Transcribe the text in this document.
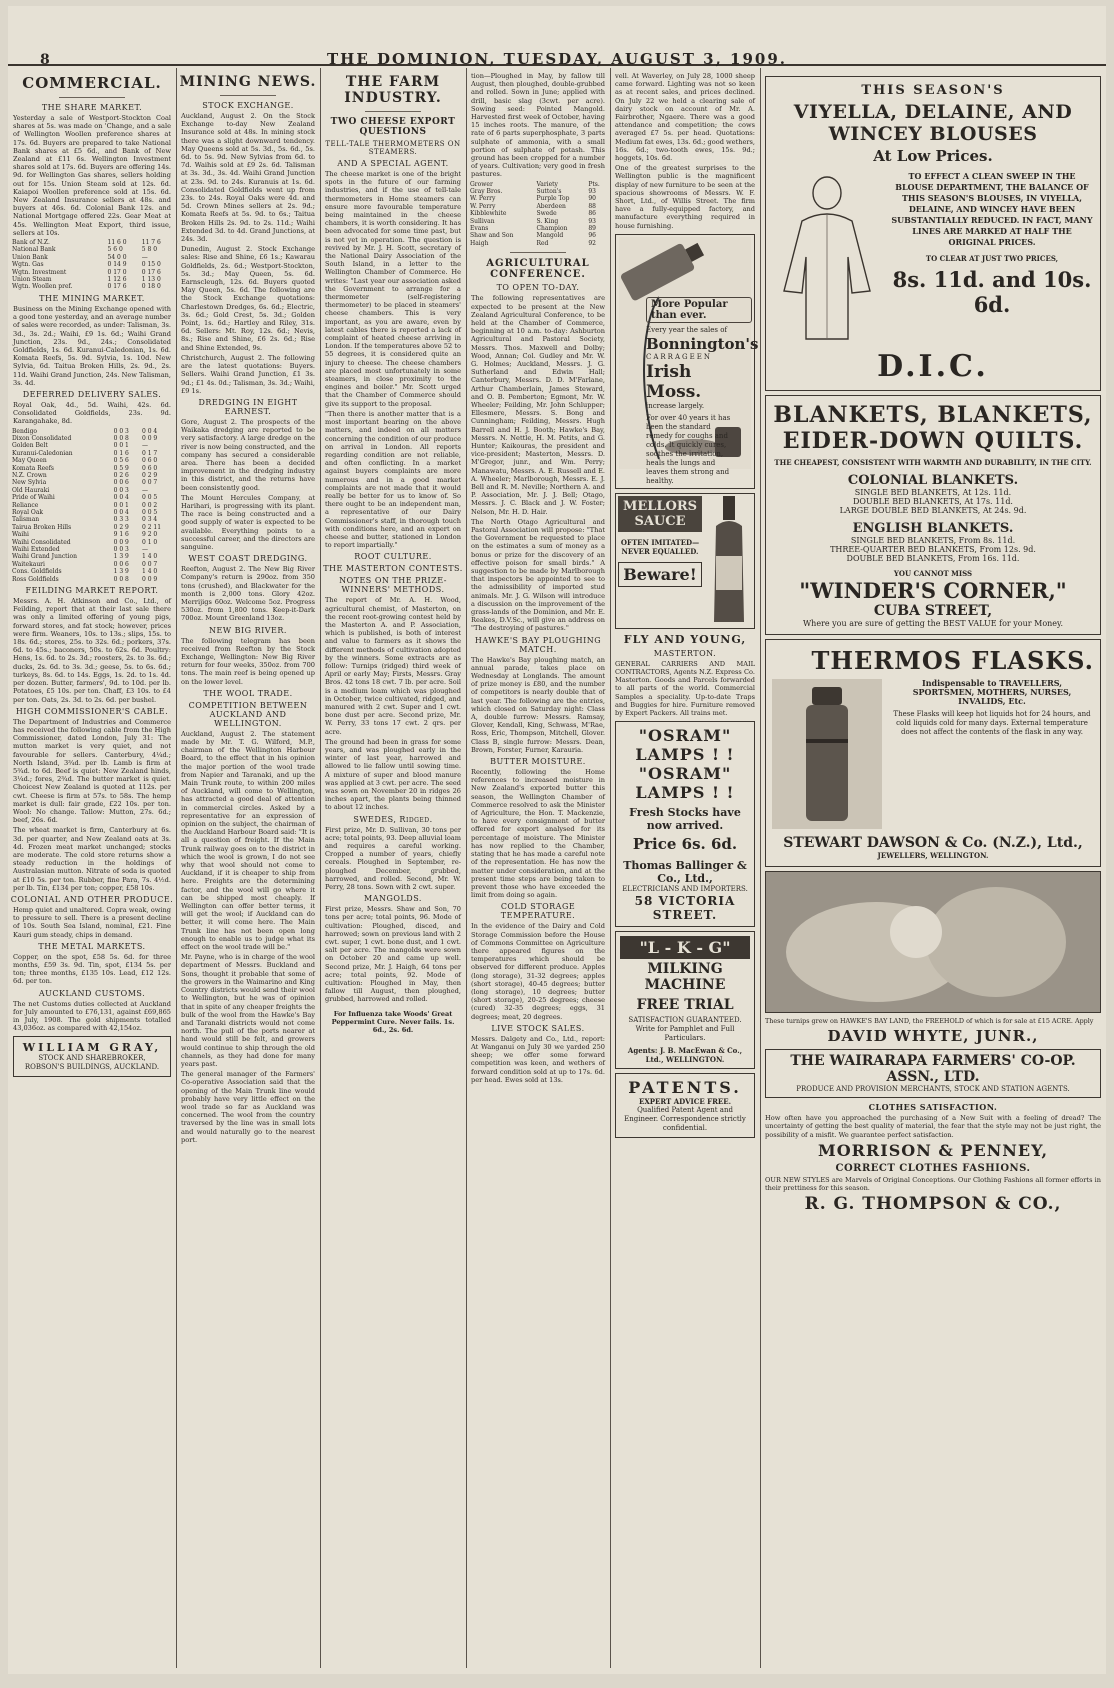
8	THE DOMINION, TUESDAY, AUGUST 3, 1909.
COMMERCIAL.
THE SHARE MARKET.
Yesterday a sale of Westport-Stockton Coal shares at 5s. was made on 'Change, and a sale of Wellington Woollen preference shares at 17s. 6d. Buyers are prepared to take National Bank shares at £5 6d., and Bank of New Zealand at £11 6s. Wellington Investment shares sold at 17s. 6d. Buyers are offering 14s. 9d. for Wellington Gas shares, sellers holding out for 15s. Union Steam sold at 12s. 6d. Kaiapoi Woollen preference sold at 15s. 6d. New Zealand Insurance sellers at 48s. and buyers at 46s. 6d. Colonial Bank 12s. and National Mortgage offered 22s. Gear Meat at 45s. Wellington Meat Export, third issue, sellers at 10s.
Bank of N.Z.	11 6 0	11 7 6
National Bank	5 6 0	5 8 0
Union Bank	54 0 0	—
Wgtn. Gas	0 14 9	0 15 0
Wgtn. Investment	0 17 0	0 17 6
Union Steam	1 12 6	1 13 0
Wgtn. Woollen pref.	0 17 6	0 18 0
THE MINING MARKET.
Business on the Mining Exchange opened with a good tone yesterday, and an average number of sales were recorded, as under: Talisman, 3s. 3d., 3s. 2d.; Waihi, £9 1s. 6d.; Waihi Grand Junction, 23s. 9d., 24s.; Consolidated Goldfields, 1s. 6d. Kuranui-Caledonian, 1s. 6d. Komata Reefs, 5s. 9d. Sylvia, 1s. 10d. New Sylvia, 6d. Taitua Broken Hills, 2s. 9d., 2s. 11d. Waihi Grand Junction, 24s. New Talisman, 3s. 4d.
DEFERRED DELIVERY SALES.
Royal Oak, 4d., 5d. Waihi, 42s. 6d. Consolidated Goldfields, 23s. 9d. Karangahake, 8d.
Bendigo	0 0 3	0 0 4
Dixon Consolidated	0 0 8	0 0 9
Golden Belt	0 0 1	—
Kuranui-Caledonian	0 1 6	0 1 7
May Queen	0 5 6	0 6 0
Komata Reefs	0 5 9	0 6 0
N.Z. Crown	0 2 6	0 2 9
New Sylvia	0 0 6	0 0 7
Old Hauraki	0 0 3	—
Pride of Waihi	0 0 4	0 0 5
Reliance	0 0 1	0 0 2
Royal Oak	0 0 4	0 0 5
Talisman	0 3 3	0 3 4
Tairua Broken Hills	0 2 9	0 2 11
Waihi	9 1 6	9 2 0
Waihi Consolidated	0 0 9	0 1 0
Waihi Extended	0 0 3	—
Waihi Grand Junction	1 3 9	1 4 0
Waitekauri	0 0 6	0 0 7
Cons. Goldfields	1 3 9	1 4 0
Ross Goldfields	0 0 8	0 0 9
FEILDING MARKET REPORT.
Messrs. A. H. Atkinson and Co., Ltd., of Feilding, report that at their last sale there was only a limited offering of young pigs, forward stores, and fat stock; however, prices were firm. Weaners, 10s. to 13s.; slips, 15s. to 18s. 6d.; stores, 25s. to 32s. 6d.; porkers, 37s. 6d. to 45s.; baconers, 50s. to 62s. 6d. Poultry: Hens, 1s. 6d. to 2s. 3d.; roosters, 2s. to 3s. 6d.; ducks, 2s. 6d. to 3s. 3d.; geese, 5s. to 6s. 6d.; turkeys, 8s. 6d. to 14s. Eggs, 1s. 2d. to 1s. 4d. per dozen. Butter, farmers', 9d. to 10d. per lb. Potatoes, £5 10s. per ton. Chaff, £3 10s. to £4 per ton. Oats, 2s. 3d. to 2s. 6d. per bushel.
HIGH COMMISSIONER'S CABLE.
The Department of Industries and Commerce has received the following cable from the High Commissioner, dated London, July 31: The mutton market is very quiet, and not favourable for sellers. Canterbury, 4¼d.; North Island, 3¾d. per lb. Lamb is firm at 5¾d. to 6d. Beef is quiet: New Zealand hinds, 3¼d.; fores, 2¾d. The butter market is quiet. Choicest New Zealand is quoted at 112s. per cwt. Cheese is firm at 57s. to 58s. The hemp market is dull: fair grade, £22 10s. per ton. Wool: No change. Tallow: Mutton, 27s. 6d.; beef, 26s. 6d.
The wheat market is firm, Canterbury at 6s. 3d. per quarter, and New Zealand oats at 3s. 4d. Frozen meat market unchanged; stocks are moderate. The cold store returns show a steady reduction in the holdings of Australasian mutton. Nitrate of soda is quoted at £10 5s. per ton. Rubber, fine Para, 7s. 4½d. per lb. Tin, £134 per ton; copper, £58 10s.
COLONIAL AND OTHER PRODUCE.
Hemp quiet and unaltered. Copra weak, owing to pressure to sell. There is a present decline of 10s. South Sea Island, nominal, £21. Fine Kauri gum steady, chips in demand.
THE METAL MARKETS.
Copper, on the spot, £58 5s. 6d. for three months, £59 3s. 9d. Tin, spot, £134 5s. per ton; three months, £135 10s. Lead, £12 12s. 6d. per ton.
AUCKLAND CUSTOMS.
The net Customs duties collected at Auckland for July amounted to £76,131, against £69,865 in July, 1908. The gold shipments totalled 43,036oz. as compared with 42,154oz.
WILLIAM GRAY,
STOCK AND SHAREBROKER,
ROBSON'S BUILDINGS, AUCKLAND.
MINING NEWS.
STOCK EXCHANGE.
Auckland, August 2. On the Stock Exchange to-day New Zealand Insurance sold at 48s. In mining stock there was a slight downward tendency. May Queens sold at 5s. 3d., 5s. 6d., 5s. 6d. to 5s. 9d. New Sylvias from 6d. to 7d. Waihis sold at £9 2s. 6d. Talisman at 3s. 3d., 3s. 4d. Waihi Grand Junction at 23s. 9d. to 24s. Kuranuis at 1s. 6d. Consolidated Goldfields went up from 23s. to 24s. Royal Oaks were 4d. and 5d. Crown Mines sellers at 2s. 9d.; Komata Reefs at 5s. 9d. to 6s.; Taitua Broken Hills 2s. 9d. to 2s. 11d.; Waihi Extended 3d. to 4d. Grand Junctions, at 24s. 3d.
Dunedin, August 2. Stock Exchange sales: Rise and Shine, £6 1s.; Kawarau Goldfields, 2s. 6d.; Westport-Stockton, 5s. 3d.; May Queen, 5s. 6d. Earnscleugh, 12s. 6d. Buyers quoted May Queen, 5s. 6d. The following are the Stock Exchange quotations: Charlestown Dredges, 6s. 6d.; Electric, 3s. 6d.; Gold Crest, 5s. 3d.; Golden Point, 1s. 6d.; Hartley and Riley, 31s. 6d. Sellers: Mt. Roy, 12s. 6d.; Nevis, 8s.; Rise and Shine, £6 2s. 6d.; Rise and Shine Extended, 9s.
Christchurch, August 2. The following are the latest quotations: Buyers. Sellers. Waihi Grand Junction, £1 3s. 9d.; £1 4s. 0d.; Talisman, 3s. 3d.; Waihi, £9 1s.
DREDGING IN EIGHT EARNEST.
Gore, August 2. The prospects of the Waikaka dredging are reported to be very satisfactory. A large dredge on the river is now being constructed, and the company has secured a considerable area. There has been a decided improvement in the dredging industry in this district, and the returns have been consistently good.
The Mount Hercules Company, at Harihari, is progressing with its plant. The race is being constructed and a good supply of water is expected to be available. Everything points to a successful career, and the directors are sanguine.
WEST COAST DREDGING.
Reefton, August 2. The New Big River Company's return is 290oz. from 350 tons (crushed), and Blackwater for the month is 2,000 tons. Glory 42oz. Merrijigs 60oz. Welcome 5oz. Progress 530oz. from 1,800 tons. Keep-it-Dark 700oz. Mount Greenland 13oz.
NEW BIG RIVER.
The following telegram has been received from Reefton by the Stock Exchange, Wellington: New Big River return for four weeks, 350oz. from 700 tons. The main reef is being opened up on the lower level.
THE WOOL TRADE.
COMPETITION BETWEEN AUCKLAND AND WELLINGTON.
Auckland, August 2. The statement made by Mr. T. G. Wilford, M.P., chairman of the Wellington Harbour Board, to the effect that in his opinion the major portion of the wool trade from Napier and Taranaki, and up the Main Trunk route, to within 200 miles of Auckland, will come to Wellington, has attracted a good deal of attention in commercial circles. Asked by a representative for an expression of opinion on the subject, the chairman of the Auckland Harbour Board said: "It is all a question of freight. If the Main Trunk railway goes on to the district in which the wool is grown, I do not see why that wool should not come to Auckland, if it is cheaper to ship from here. Freights are the determining factor, and the wool will go where it can be shipped most cheaply. If Wellington can offer better terms, it will get the wool; if Auckland can do better, it will come here. The Main Trunk line has not been open long enough to enable us to judge what its effect on the wool trade will be."
Mr. Payne, who is in charge of the wool department of Messrs. Buckland and Sons, thought it probable that some of the growers in the Waimarino and King Country districts would send their wool to Wellington, but he was of opinion that in spite of any cheaper freights the bulk of the wool from the Hawke's Bay and Taranaki districts would not come north. The pull of the ports nearer at hand would still be felt, and growers would continue to ship through the old channels, as they had done for many years past.
The general manager of the Farmers' Co-operative Association said that the opening of the Main Trunk line would probably have very little effect on the wool trade so far as Auckland was concerned. The wool from the country traversed by the line was in small lots and would naturally go to the nearest port.
THE FARM INDUSTRY.
TWO CHEESE EXPORT QUESTIONS
TELL-TALE THERMOMETERS ON STEAMERS.
AND A SPECIAL AGENT.
The cheese market is one of the bright spots in the future of our farming industries, and if the use of tell-tale thermometers in Home steamers can ensure more favourable temperature being maintained in the cheese chambers, it is worth considering. It has been advocated for some time past, but is not yet in operation. The question is revived by Mr. J. H. Scott, secretary of the National Dairy Association of the South Island, in a letter to the Wellington Chamber of Commerce. He writes: "Last year our association asked the Government to arrange for a thermometer (self-registering thermometer) to be placed in steamers' cheese chambers. This is very important, as you are aware, even by latest cables there is reported a lack of complaint of heated cheese arriving in London. If the temperatures above 52 to 55 degrees, it is considered quite an injury to cheese. The cheese chambers are placed most unfortunately in some steamers, in close proximity to the engines and boiler." Mr. Scott urged that the Chamber of Commerce should give its support to the proposal.
"Then there is another matter that is a most important bearing on the above matters, and indeed on all matters concerning the condition of our produce on arrival in London. All reports regarding condition are not reliable, and often conflicting. In a market against buyers complaints are more numerous and in a good market complaints are not made that it would really be better for us to know of. So there ought to be an independent man, a representative of our Dairy Commissioner's staff, in thorough touch with conditions here, and an expert on cheese and butter, stationed in London to report impartially."
ROOT CULTURE.
THE MASTERTON CONTESTS.
NOTES ON THE PRIZE-WINNERS' METHODS.
The report of Mr. A. H. Wood, agricultural chemist, of Masterton, on the recent root-growing contest held by the Masterton A. and P. Association, which is published, is both of interest and value to farmers as it shows the different methods of cultivation adopted by the winners. Some extracts are as follow: Turnips (ridged) third week of April or early May; Firsts, Messrs. Gray Bros. 42 tons 18 cwt. 7 lb. per acre. Soil is a medium loam which was ploughed in October, twice cultivated, ridged, and manured with 2 cwt. Super and 1 cwt. bone dust per acre. Second prize, Mr. W. Perry, 33 tons 17 cwt. 2 qrs. per acre.
The ground had been in grass for some years, and was ploughed early in the winter of last year, harrowed and allowed to lie fallow until sowing time. A mixture of super and blood manure was applied at 3 cwt. per acre. The seed was sown on November 20 in ridges 26 inches apart, the plants being thinned to about 12 inches.
SWEDES, Ridged.
First prize, Mr. D. Sullivan, 30 tons per acre; total points, 93. Deep alluvial loam and requires a careful working. Cropped a number of years, chiefly cereals. Ploughed in September, re-ploughed December, grubbed, harrowed, and rolled. Second, Mr. W. Perry, 28 tons. Sown with 2 cwt. super.
MANGOLDS.
First prize, Messrs. Shaw and Son, 70 tons per acre; total points, 96. Mode of cultivation: Ploughed, disced, and harrowed; sown on previous land with 2 cwt. super, 1 cwt. bone dust, and 1 cwt. salt per acre. The mangolds were sown on October 20 and came up well. Second prize, Mr. J. Haigh, 64 tons per acre; total points, 92. Mode of cultivation: Ploughed in May, then fallow till August, then ploughed, grubbed, harrowed and rolled.
For Influenza take Woods' Great Peppermint Cure. Never fails. 1s. 6d., 2s. 6d.
tion—Ploughed in May, by fallow till August, then ploughed, double-grubbed and rolled. Sown in June; applied with drill, basic slag (3cwt. per acre). Sowing seed: Pointed Mangold. Harvested first week of October, having 15 inches roots. The manure, of the rate of 6 parts superphosphate, 3 parts sulphate of ammonia, with a small portion of sulphate of potash. This ground has been cropped for a number of years. Cultivation; very good in fresh pastures.
Grower	Variety	Pts.
Gray Bros.	Sutton's	93
W. Perry	Purple Top	90
W. Perry	Aberdeen	88
Kibblewhite	Swede	86
Sullivan	S. King	93
Evans	Champion	89
Shaw and Son	Mangold	96
Haigh	Red	92
AGRICULTURAL CONFERENCE.
TO OPEN TO-DAY.
The following representatives are expected to be present at the New Zealand Agricultural Conference, to be held at the Chamber of Commerce, beginning at 10 a.m. to-day: Ashburton Agricultural and Pastoral Society, Messrs. Thos. Maxwell and Dolby; Wood, Annan; Col. Gudley and Mr. W. G. Holmes; Auckland, Messrs. J. G. Sutherland and Edwin Hall; Canterbury, Messrs. D. D. M'Farlane, Arthur Chamberlain, James Steward, and O. B. Pemberton; Egmont, Mr. W. Wheeler; Feilding, Mr. John Schlupper; Ellesmere, Messrs. S. Bong and Cunningham; Feilding, Messrs. Hugh Barrell and H. J. Booth; Hawke's Bay, Messrs. N. Nettle, H. M. Petits, and G. Hunter; Kaikouras, the president and vice-president; Masterton, Messrs. D. M'Gregor, junr., and Wm. Perry; Manawatu, Messrs. A. E. Russell and E. A. Wheeler; Marlborough, Messrs. E. J. Bell and R. M. Neville; Northern A. and P. Association, Mr. J. J. Bell; Otago, Messrs. J. C. Black and J. W. Foster; Nelson, Mr. H. D. Hair.
The North Otago Agricultural and Pastoral Association will propose: "That the Government be requested to place on the estimates a sum of money as a bonus or prize for the discovery of an effective poison for small birds." A suggestion to be made by Marlborough that inspectors be appointed to see to the admissibility of imported stud animals. Mr. J. G. Wilson will introduce a discussion on the improvement of the grass-lands of the Dominion, and Mr. E. Reakes, D.V.Sc., will give an address on "The destroying of pastures."
HAWKE'S BAY PLOUGHING MATCH.
The Hawke's Bay ploughing match, an annual parade, takes place on Wednesday at Longlands. The amount of prize money is £80, and the number of competitors is nearly double that of last year. The following are the entries, which closed on Saturday night: Class A, double furrow: Messrs. Ramsay, Glover, Kendall, King, Schwass, M'Rae, Ross, Eric, Thompson, Mitchell, Glover. Class B, single furrow: Messrs. Dean, Brown, Forster, Furner, Karauria.
BUTTER MOISTURE.
Recently, following the Home references to increased moisture in New Zealand's exported butter this season, the Wellington Chamber of Commerce resolved to ask the Minister of Agriculture, the Hon. T. Mackenzie, to have every consignment of butter offered for export analysed for its percentage of moisture. The Minister has now replied to the Chamber, stating that he has made a careful note of the representation. He has now the matter under consideration, and at the present time steps are being taken to prevent those who have exceeded the limit from doing so again.
COLD STORAGE TEMPERATURE.
In the evidence of the Dairy and Cold Storage Commission before the House of Commons Committee on Agriculture there appeared figures on the temperatures which should be observed for different produce. Apples (long storage), 31-32 degrees; apples (short storage), 40-45 degrees; butter (long storage), 10 degrees; butter (short storage), 20-25 degrees; cheese (cured) 32-35 degrees; eggs, 31 degrees; meat, 20 degrees.
LIVE STOCK SALES.
Messrs. Dalgety and Co., Ltd., report: At Wanganui on July 30 we yarded 250 sheep; we offer some forward competition was keen, and wethers of forward condition sold at up to 17s. 6d. per head. Ewes sold at 13s.
vell. At Waverley, on July 28, 1000 sheep came forward. Lighting was not so keen as at recent sales, and prices declined. On July 22 we held a clearing sale of dairy stock on account of Mr. A. Fairbrother, Ngaere. There was a good attendance and competition; the cows averaged £7 5s. per head. Quotations: Medium fat ewes, 13s. 6d.; good wethers, 16s. 6d.; two-tooth ewes, 15s. 9d.; hoggets, 10s. 6d.
One of the greatest surprises to the Wellington public is the magnificent display of new furniture to be seen at the spacious showrooms of Messrs. W. F. Short, Ltd., of Willis Street. The firm have a fully-equipped factory, and manufacture everything required in house furnishing.
More Popular than ever.
Every year the sales of
Bonnington's
CARRAGEEN
Irish Moss.
increase largely.
For over 40 years it has been the standard remedy for coughs and colds. It quickly cures, soothes the irritation, heals the lungs and leaves them strong and healthy.
MELLORS SAUCE
OFTEN IMITATED— NEVER EQUALLED.
Beware!
FLY AND YOUNG,
MASTERTON.
GENERAL CARRIERS AND MAIL CONTRACTORS, Agents N.Z. Express Co. Masterton. Goods and Parcels forwarded to all parts of the world. Commercial Samples a speciality. Up-to-date Traps and Buggies for hire. Furniture removed by Expert Packers. All trains met.
"OSRAM" LAMPS ! !
"OSRAM" LAMPS ! !
Fresh Stocks have now arrived.
Price 6s. 6d.
Thomas Ballinger & Co., Ltd.,
ELECTRICIANS AND IMPORTERS.
58 VICTORIA STREET.
"L - K - G"
MILKING MACHINE
FREE TRIAL
SATISFACTION GUARANTEED. Write for Pamphlet and Full Particulars.
Agents: J. B. MacEwan & Co., Ltd., WELLINGTON.
PATENTS.
EXPERT ADVICE FREE.
Qualified Patent Agent and Engineer. Correspondence strictly confidential.
THIS SEASON'S
VIYELLA, DELAINE, AND WINCEY BLOUSES
At Low Prices.
TO EFFECT A CLEAN SWEEP IN THE BLOUSE DEPARTMENT, THE BALANCE OF THIS SEASON'S BLOUSES, IN VIYELLA, DELAINE, AND WINCEY HAVE BEEN SUBSTANTIALLY REDUCED. IN FACT, MANY LINES ARE MARKED AT HALF THE ORIGINAL PRICES.
TO CLEAR AT JUST TWO PRICES,
8s. 11d. and 10s. 6d.
D.I.C.
BLANKETS, BLANKETS,
EIDER-DOWN QUILTS.
THE CHEAPEST, CONSISTENT WITH WARMTH AND DURABILITY, IN THE CITY.
COLONIAL BLANKETS.
SINGLE BED BLANKETS, At 12s. 11d.
DOUBLE BED BLANKETS, At 17s. 11d.
LARGE DOUBLE BED BLANKETS, At 24s. 9d.
ENGLISH BLANKETS.
SINGLE BED BLANKETS, From 8s. 11d.
THREE-QUARTER BED BLANKETS, From 12s. 9d.
DOUBLE BED BLANKETS, From 16s. 11d.
YOU CANNOT MISS
"WINDER'S CORNER,"
CUBA STREET,
Where you are sure of getting the BEST VALUE for your Money.
THERMOS FLASKS.
Indispensable to TRAVELLERS, SPORTSMEN, MOTHERS, NURSES, INVALIDS, Etc.
These Flasks will keep hot liquids hot for 24 hours, and cold liquids cold for many days. External temperature does not affect the contents of the flask in any way.
STEWART DAWSON & Co. (N.Z.), Ltd.,
JEWELLERS, WELLINGTON.
These turnips grew on HAWKE'S BAY LAND, the FREEHOLD of which is for sale at £15 ACRE. Apply
DAVID WHYTE, JUNR.,
THE WAIRARAPA FARMERS' CO-OP. ASSN., LTD.
PRODUCE AND PROVISION MERCHANTS, STOCK AND STATION AGENTS.
CLOTHES SATISFACTION.
How often have you approached the purchasing of a New Suit with a feeling of dread? The uncertainty of getting the best quality of material, the fear that the style may not be just right, the possibility of a misfit. We guarantee perfect satisfaction.
MORRISON & PENNEY,
CORRECT CLOTHES FASHIONS.
OUR NEW STYLES are Marvels of Original Conceptions. Our Clothing Fashions all former efforts in their prettiness for this season.
R. G. THOMPSON & CO.,
